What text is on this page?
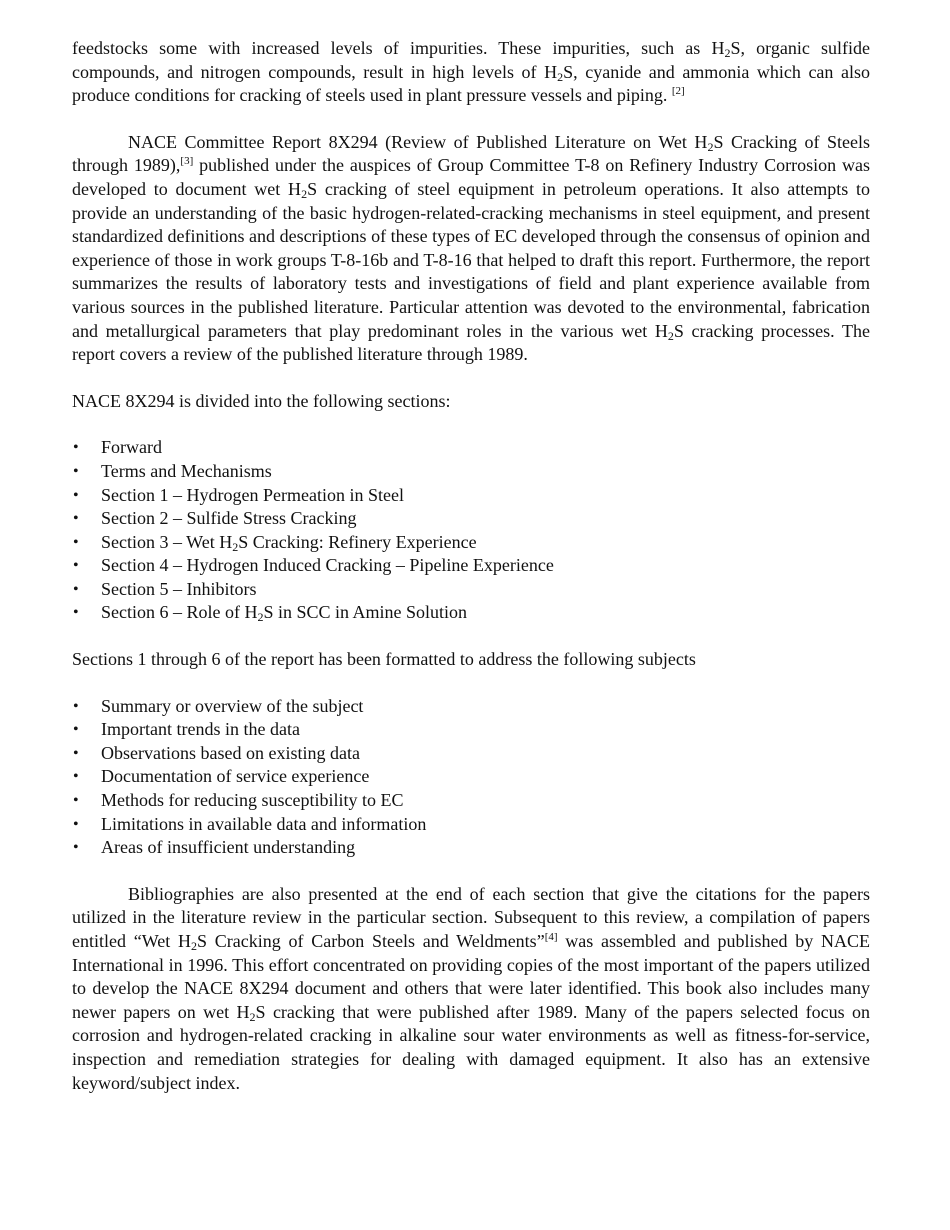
feedstocks some with increased levels of impurities. These impurities, such as $H_2S$, organic sulfide compounds, and nitrogen compounds, result in high levels of $H_2S$, cyanide and ammonia which can also produce conditions for cracking of steels used in plant pressure vessels and piping. [2]

NACE Committee Report 8X294 (Review of Published Literature on Wet $H_2S$ Cracking of Steels through 1989),[3] published under the auspices of Group Committee T-8 on Refinery Industry Corrosion was developed to document wet $H_2S$ cracking of steel equipment in petroleum operations. It also attempts to provide an understanding of the basic hydrogen-related-cracking mechanisms in steel equipment, and present standardized definitions and descriptions of these types of EC developed through the consensus of opinion and experience of those in work groups T-8-16b and T-8-16 that helped to draft this report. Furthermore, the report summarizes the results of laboratory tests and investigations of field and plant experience available from various sources in the published literature. Particular attention was devoted to the environmental, fabrication and metallurgical parameters that play predominant roles in the various wet $H_2S$ cracking processes. The report covers a review of the published literature through 1989.

NACE 8X294 is divided into the following sections:

• Forward
• Terms and Mechanisms
• Section 1 – Hydrogen Permeation in Steel
• Section 2 – Sulfide Stress Cracking
• Section 3 – Wet $H_2S$ Cracking: Refinery Experience
• Section 4 – Hydrogen Induced Cracking – Pipeline Experience
• Section 5 – Inhibitors
• Section 6 – Role of $H_2S$ in SCC in Amine Solution

Sections 1 through 6 of the report has been formatted to address the following subjects

• Summary or overview of the subject
• Important trends in the data
• Observations based on existing data
• Documentation of service experience
• Methods for reducing susceptibility to EC
• Limitations in available data and information
• Areas of insufficient understanding

Bibliographies are also presented at the end of each section that give the citations for the papers utilized in the literature review in the particular section. Subsequent to this review, a compilation of papers entitled “Wet $H_2S$ Cracking of Carbon Steels and Weldments”[4] was assembled and published by NACE International in 1996. This effort concentrated on providing copies of the most important of the papers utilized to develop the NACE 8X294 document and others that were later identified. This book also includes many newer papers on wet $H_2S$ cracking that were published after 1989. Many of the papers selected focus on corrosion and hydrogen-related cracking in alkaline sour water environments as well as fitness-for-service, inspection and remediation strategies for dealing with damaged equipment. It also has an extensive keyword/subject index.
